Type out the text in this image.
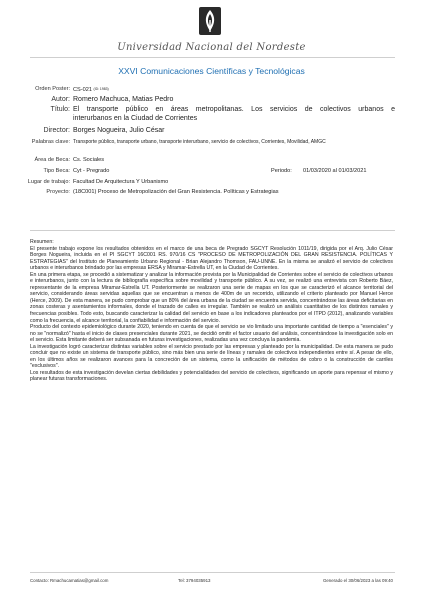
Universidad Nacional del Nordeste
XXVI Comunicaciones Científicas y Tecnológicas
Orden Poster: CS-021 (ID: 1983)
Autor: Romero Machuca, Matias Pedro
Título: El transporte público en áreas metropolitanas. Los servicios de colectivos urbanos e
interurbanos en la Ciudad de Corrientes
Director: Borges Nogueira, Julio César
Palabras clave: Transporte público, transporte urbano, transporte interurbano, servicio de colectivos, Corrientes, Movilidad, AMGC
Área de Beca: Cs. Sociales
Tipo Beca: Cyt - Pregrado	Periodo: 01/03/2020 al 01/03/2021
Lugar de trabajo: Facultad De Arquitectura Y Urbanismo
Proyecto: (18C001) Proceso de Metropolización del Gran Resistencia. Políticas y Estrategias

Resumen:

El presente trabajo expone los resultados obtenidos en el marco de una beca de Pregrado SGCYT Resolución 1011/19, dirigida por el Arq. Julio César Borges Nogueira, incluida en el PI SGCYT 16C001 RS. 970/16 CS "PROCESO DE METROPOLIZACIÓN DEL GRAN RESISTENCIA. POLÍTICAS Y ESTRATEGIAS" del Instituto de Planeamiento Urbano Regional - Brian Alejandro Thomson, FAU-UNNE. En la misma se analizó el servicio de colectivos urbanos e interurbanos brindado por las empresas ERSA y Miramar-Estrella UT, en la Ciudad de Corrientes.

En una primera etapa, se procedió a sistematizar y analizar la información provista por la Municipalidad de Corrientes sobre el servicio de colectivos urbanos e interurbanos, junto con la lectura de bibliografía específica sobre movilidad y transporte público. A su vez, se realizó una entrevista con Roberto Báez, representante de la empresa Miramar-Estrella UT. Posteriormente se realizaron una serie de mapas en los que se caracterizó el alcance territorial del servicio, considerando áreas servidas aquellas que se encuentran a menos de 400m de un recorrido, utilizando el criterio planteado por Manuel Herce (Herce, 2009). De esta manera, se pudo comprobar que un 80% del área urbana de la ciudad se encuentra servida, concentrándose las áreas deficitarias en zonas costeras y asentamientos informales, donde el trazado de calles es irregular. También se realizó un análisis cuantitativo de los distintos ramales y frecuencias posibles. Todo esto, buscando caracterizar la calidad del servicio en base a los indicadores planteados por el ITPD (2012), analizando variables como la frecuencia, el alcance territorial, la confiabilidad e información del servicio.

Producto del contexto epidemiológico durante 2020, teniendo en cuenta de que el servicio se vio limitado una importante cantidad de tiempo a "esenciales" y no se "normalizó" hasta el inicio de clases presenciales durante 2021, se decidió omitir el factor usuario del análisis, concentrándose la investigación solo en el servicio. Esta limitante deberá ser subsanada en futuras investigaciones, realizadas una vez concluya la pandemia.

La investigación logró caracterizar distintas variables sobre el servicio prestado por las empresas y planteado por la municipalidad. De esta manera se pudo concluir que no existe un sistema de transporte público, sino más bien una serie de líneas y ramales de colectivos independientes entre sí. A pesar de ello, en los últimos años se realizaron avances para la concreción de un sistema, como la unificación de métodos de cobro o la construcción de carriles "exclusivos".

Los resultados de esta investigación develan ciertas debilidades y potencialidades del servicio de colectivos, significando un aporte para repensar el mismo y planear futuras transformaciones.

Contacto: Rmachucamatias@gmail.com	Tel: 3794035913	Generado el 30/06/2023 a las 09:40
